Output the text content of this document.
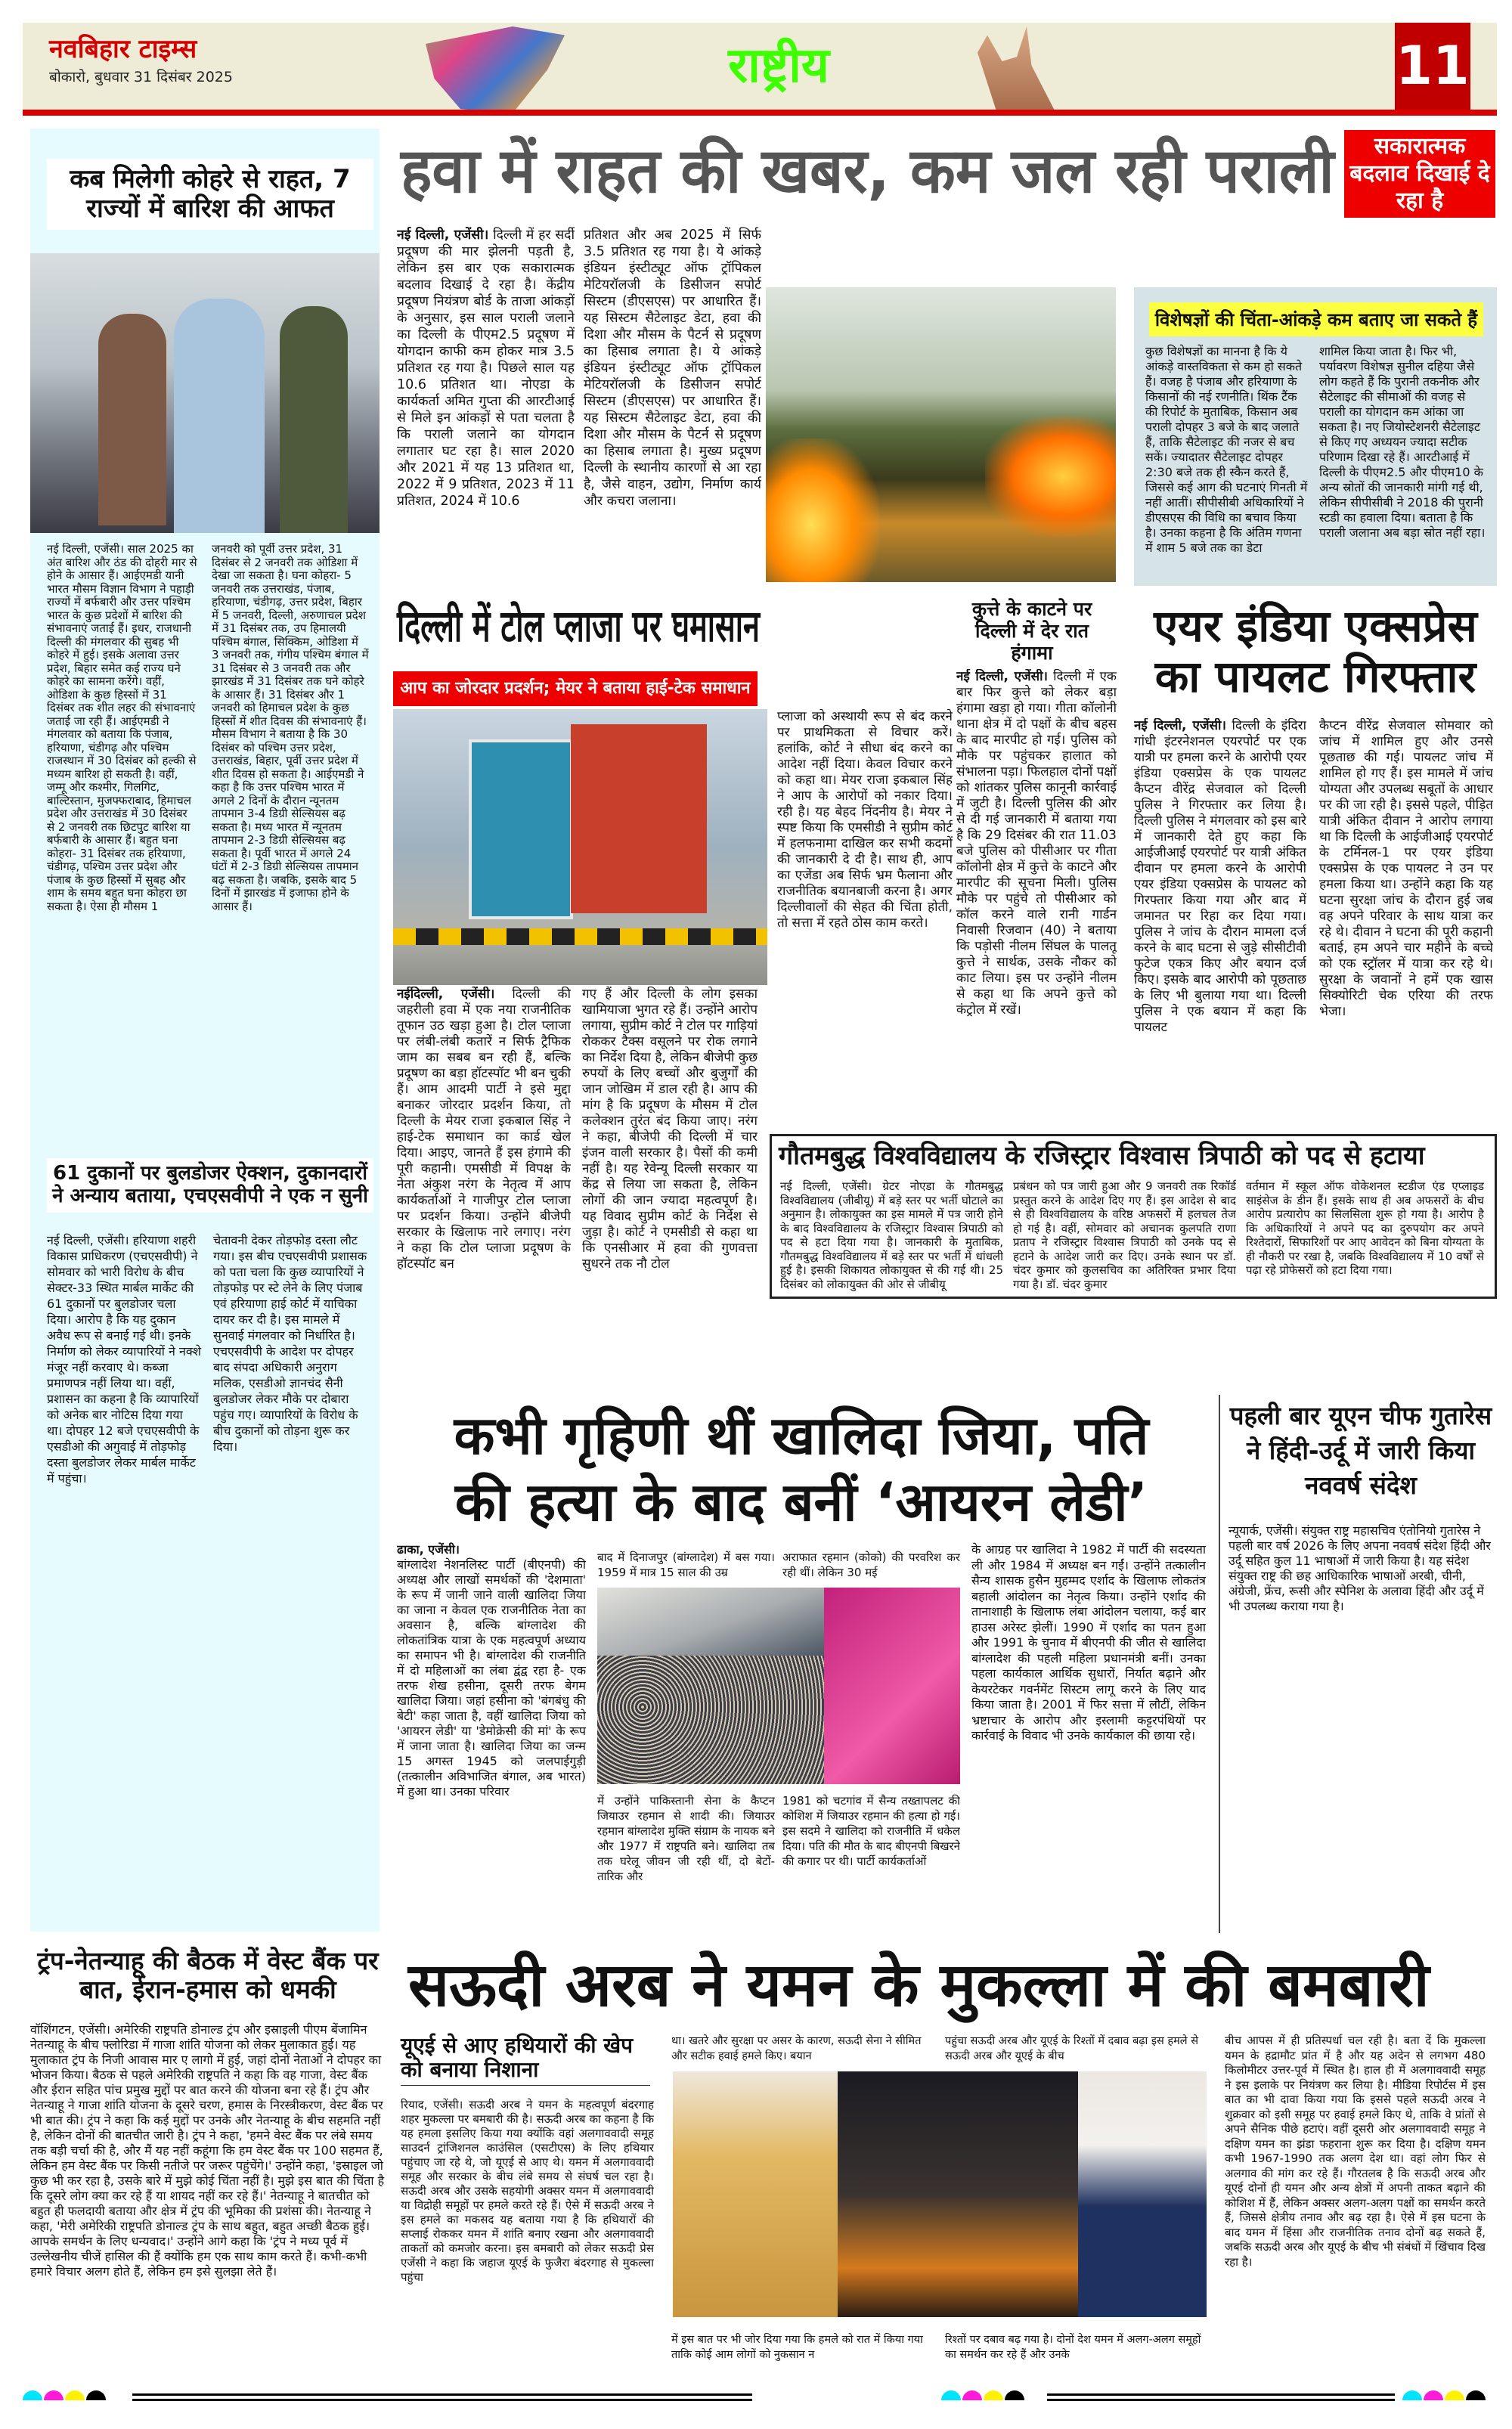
नवबिहार टाइम्स
बोकारो, बुधवार 31 दिसंबर 2025	राष्ट्रीय	11
कब मिलेगी कोहरे से राहत, 7 राज्यों में बारिश की आफत
नई दिल्ली, एजेंसी। साल 2025 का अंत बारिश और ठंड की दोहरी मार से होने के आसार हैं। आईएमडी यानी भारत मौसम विज्ञान विभाग ने पहाड़ी राज्यों में बर्फबारी और उत्तर पश्चिम भारत के कुछ प्रदेशों में बारिश की संभावनाएं जताई हैं। इधर, राजधानी दिल्ली की मंगलवार की सुबह भी कोहरे में हुई। इसके अलावा उत्तर प्रदेश, बिहार समेत कई राज्य घने कोहरे का सामना करेंगे। वहीं, ओडिशा के कुछ हिस्सों में 31 दिसंबर तक शीत लहर की संभावनाएं जताई जा रही हैं। आईएमडी ने मंगलवार को बताया कि पंजाब, हरियाणा, चंडीगढ़ और पश्चिम राजस्थान में 30 दिसंबर को हल्की से मध्यम बारिश हो सकती है। वहीं, जम्मू और कश्मीर, गिलगिट, बाल्टिस्तान, मुजफ्फराबाद, हिमाचल प्रदेश और उत्तराखंड में 30 दिसंबर से 2 जनवरी तक छिटपुट बारिश या बर्फबारी के आसार हैं। बहुत घना कोहरा- 31 दिसंबर तक हरियाणा, चंडीगढ़, पश्चिम उत्तर प्रदेश और पंजाब के कुछ हिस्सों में सुबह और शाम के समय बहुत घना कोहरा छा सकता है। ऐसा ही मौसम 1
जनवरी को पूर्वी उत्तर प्रदेश, 31 दिसंबर से 2 जनवरी तक ओडिशा में देखा जा सकता है। घना कोहरा- 5 जनवरी तक उत्तराखंड, पंजाब, हरियाणा, चंडीगढ़, उत्तर प्रदेश, बिहार में 5 जनवरी, दिल्ली, अरुणाचल प्रदेश में 31 दिसंबर तक, उप हिमालयी पश्चिम बंगाल, सिक्किम, ओडिशा में 3 जनवरी तक, गंगीय पश्चिम बंगाल में 31 दिसंबर से 3 जनवरी तक और झारखंड में 31 दिसंबर तक घने कोहरे के आसार हैं। 31 दिसंबर और 1 जनवरी को हिमाचल प्रदेश के कुछ हिस्सों में शीत दिवस की संभावनाएं हैं। मौसम विभाग ने बताया है कि 30 दिसंबर को पश्चिम उत्तर प्रदेश, उत्तराखंड, बिहार, पूर्वी उत्तर प्रदेश में शीत दिवस हो सकता है। आईएमडी ने कहा है कि उत्तर पश्चिम भारत में अगले 2 दिनों के दौरान न्यूनतम तापमान 3-4 डिग्री सेल्सियस बढ़ सकता है। मध्य भारत में न्यूनतम तापमान 2-3 डिग्री सेल्सियस बढ़ सकता है। पूर्वी भारत में अगले 24 घंटों में 2-3 डिग्री सेल्सियस तापमान बढ़ सकता है। जबकि, इसके बाद 5 दिनों में झारखंड में इजाफा होने के आसार हैं।
61 दुकानों पर बुलडोजर ऐक्शन, दुकानदारों ने अन्याय बताया, एचएसवीपी ने एक न सुनी
नई दिल्ली, एजेंसी। हरियाणा शहरी विकास प्राधिकरण (एचएसवीपी) ने सोमवार को भारी विरोध के बीच सेक्टर-33 स्थित मार्बल मार्केट की 61 दुकानों पर बुलडोजर चला दिया। आरोप है कि यह दुकान अवैध रूप से बनाई गई थी। इनके निर्माण को लेकर व्यापारियों ने नक्शे मंजूर नहीं करवाए थे। कब्जा प्रमाणपत्र नहीं लिया था। वहीं, प्रशासन का कहना है कि व्यापारियों को अनेक बार नोटिस दिया गया था। दोपहर 12 बजे एचएसवीपी के एसडीओ की अगुवाई में तोड़फोड़ दस्ता बुलडोजर लेकर मार्बल मार्केट में पहुंचा।
चेतावनी देकर तोड़फोड़ दस्ता लौट गया। इस बीच एचएसवीपी प्रशासक को पता चला कि कुछ व्यापारियों ने तोड़फोड़ पर स्टे लेने के लिए पंजाब एवं हरियाणा हाई कोर्ट में याचिका दायर कर दी है। इस मामले में सुनवाई मंगलवार को निर्धारित है। एचएसवीपी के आदेश पर दोपहर बाद संपदा अधिकारी अनुराग मलिक, एसडीओ ज्ञानचंद सैनी बुलडोजर लेकर मौके पर दोबारा पहुंच गए। व्यापारियों के विरोध के बीच दुकानों को तोड़ना शुरू कर दिया।
हवा में राहत की खबर, कम जल रही पराली	सकारात्मक बदलाव दिखाई दे रहा है
नई दिल्ली, एजेंसी। दिल्ली में हर सर्दी प्रदूषण की मार झेलनी पड़ती है, लेकिन इस बार एक सकारात्मक बदलाव दिखाई दे रहा है। केंद्रीय प्रदूषण नियंत्रण बोर्ड के ताजा आंकड़ों के अनुसार, इस साल पराली जलाने का दिल्ली के पीएम2.5 प्रदूषण में योगदान काफी कम होकर मात्र 3.5 प्रतिशत रह गया है। पिछले साल यह 10.6 प्रतिशत था। नोएडा के कार्यकर्ता अमित गुप्ता की आरटीआई से मिले इन आंकड़ों से पता चलता है कि पराली जलाने का योगदान लगातार घट रहा है। साल 2020 और 2021 में यह 13 प्रतिशत था, 2022 में 9 प्रतिशत, 2023 में 11 प्रतिशत, 2024 में 10.6
प्रतिशत और अब 2025 में सिर्फ 3.5 प्रतिशत रह गया है। ये आंकड़े इंडियन इंस्टीट्यूट ऑफ ट्रॉपिकल मेटियरॉलजी के डिसीजन सपोर्ट सिस्टम (डीएसएस) पर आधारित हैं। यह सिस्टम सैटेलाइट डेटा, हवा की दिशा और मौसम के पैटर्न से प्रदूषण का हिसाब लगाता है। ये आंकड़े इंडियन इंस्टीट्यूट ऑफ ट्रॉपिकल मेटियरॉलजी के डिसीजन सपोर्ट सिस्टम (डीएसएस) पर आधारित हैं। यह सिस्टम सैटेलाइट डेटा, हवा की दिशा और मौसम के पैटर्न से प्रदूषण का हिसाब लगाता है। मुख्य प्रदूषण दिल्ली के स्थानीय कारणों से आ रहा है, जैसे वाहन, उद्योग, निर्माण कार्य और कचरा जलाना।
विशेषज्ञों की चिंता-आंकड़े कम बताए जा सकते हैं
कुछ विशेषज्ञों का मानना है कि ये आंकड़े वास्तविकता से कम हो सकते हैं। वजह है पंजाब और हरियाणा के किसानों की नई रणनीति। थिंक टैंक की रिपोर्ट के मुताबिक, किसान अब पराली दोपहर 3 बजे के बाद जलाते हैं, ताकि सैटेलाइट की नजर से बच सकें। ज्यादातर सैटेलाइट दोपहर 2:30 बजे तक ही स्कैन करते हैं, जिससे कई आग की घटनाएं गिनती में नहीं आतीं। सीपीसीबी अधिकारियों ने डीएसएस की विधि का बचाव किया है। उनका कहना है कि अंतिम गणना में शाम 5 बजे तक का डेटा
शामिल किया जाता है। फिर भी, पर्यावरण विशेषज्ञ सुनील दहिया जैसे लोग कहते हैं कि पुरानी तकनीक और सैटेलाइट की सीमाओं की वजह से पराली का योगदान कम आंका जा सकता है। नए जियोस्टेशनरी सैटेलाइट से किए गए अध्ययन ज्यादा सटीक परिणाम दिखा रहे हैं। आरटीआई में दिल्ली के पीएम2.5 और पीएम10 के अन्य स्रोतों की जानकारी मांगी गई थी, लेकिन सीपीसीबी ने 2018 की पुरानी स्टडी का हवाला दिया। बताता है कि पराली जलाना अब बड़ा स्रोत नहीं रहा।
दिल्ली में टोल प्लाजा पर घमासान
आप का जोरदार प्रदर्शन; मेयर ने बताया हाई-टेक समाधान
नईदिल्ली, एजेंसी। दिल्ली की जहरीली हवा में एक नया राजनीतिक तूफान उठ खड़ा हुआ है। टोल प्लाजा पर लंबी-लंबी कतारें न सिर्फ ट्रैफिक जाम का सबब बन रही हैं, बल्कि प्रदूषण का बड़ा हॉटस्पॉट भी बन चुकी हैं। आम आदमी पार्टी ने इसे मुद्दा बनाकर जोरदार प्रदर्शन किया, तो दिल्ली के मेयर राजा इकबाल सिंह ने हाई-टेक समाधान का कार्ड खेल दिया। आइए, जानते हैं इस हंगामे की पूरी कहानी। एमसीडी में विपक्ष के नेता अंकुश नरंग के नेतृत्व में आप कार्यकर्ताओं ने गाजीपुर टोल प्लाजा पर प्रदर्शन किया। उन्होंने बीजेपी सरकार के खिलाफ नारे लगाए। नरंग ने कहा कि टोल प्लाजा प्रदूषण के हॉटस्पॉट बन
गए हैं और दिल्ली के लोग इसका खामियाजा भुगत रहे हैं। उन्होंने आरोप लगाया, सुप्रीम कोर्ट ने टोल पर गाड़ियां रोककर टैक्स वसूलने पर रोक लगाने का निर्देश दिया है, लेकिन बीजेपी कुछ रुपयों के लिए बच्चों और बुजुर्गों की जान जोखिम में डाल रही है। आप की मांग है कि प्रदूषण के मौसम में टोल कलेक्शन तुरंत बंद किया जाए। नरंग ने कहा, बीजेपी की दिल्ली में चार इंजन वाली सरकार है। पैसों की कमी नहीं है। यह रेवेन्यू दिल्ली सरकार या केंद्र से लिया जा सकता है, लेकिन लोगों की जान ज्यादा महत्वपूर्ण है। यह विवाद सुप्रीम कोर्ट के निर्देश से जुड़ा है। कोर्ट ने एमसीडी से कहा था कि एनसीआर में हवा की गुणवत्ता सुधरने तक नौ टोल
प्लाजा को अस्थायी रूप से बंद करने पर प्राथमिकता से विचार करें। हलांकि, कोर्ट ने सीधा बंद करने का आदेश नहीं दिया। केवल विचार करने को कहा था। मेयर राजा इकबाल सिंह ने आप के आरोपों को नकार दिया। रही है। यह बेहद निंदनीय है। मेयर ने स्पष्ट किया कि एमसीडी ने सुप्रीम कोर्ट में हलफनामा दाखिल कर सभी कदमों की जानकारी दे दी है। साथ ही, आप का एजेंडा अब सिर्फ भ्रम फैलाना और राजनीतिक बयानबाजी करना है। अगर दिल्लीवालों की सेहत की चिंता होती, तो सत्ता में रहते ठोस काम करते।
कुत्ते के काटने पर दिल्ली में देर रात हंगामा
नई दिल्ली, एजेंसी। दिल्ली में एक बार फिर कुत्ते को लेकर बड़ा हंगामा खड़ा हो गया। गीता कॉलोनी थाना क्षेत्र में दो पक्षों के बीच बहस के बाद मारपीट हो गई। पुलिस को मौके पर पहुंचकर हालात को संभालना पड़ा। फिलहाल दोनों पक्षों को शांतकर पुलिस कानूनी कार्रवाई में जुटी है। दिल्ली पुलिस की ओर से दी गई जानकारी में बताया गया है कि 29 दिसंबर की रात 11.03 बजे पुलिस को पीसीआर पर गीता कॉलोनी क्षेत्र में कुत्ते के काटने और मारपीट की सूचना मिली। पुलिस मौके पर पहुंचे तो पीसीआर को कॉल करने वाले रानी गार्डन निवासी रिजवान (40) ने बताया कि पड़ोसी नीलम सिंघल के पालतू कुत्ते ने सार्थक, उसके नौकर को काट लिया। इस पर उन्होंने नीलम से कहा था कि अपने कुत्ते को कंट्रोल में रखें।
एयर इंडिया एक्सप्रेस का पायलट गिरफ्तार
नई दिल्ली, एजेंसी। दिल्ली के इंदिरा गांधी इंटरनेशनल एयरपोर्ट पर एक यात्री पर हमला करने के आरोपी एयर इंडिया एक्सप्रेस के एक पायलट कैप्टन वीरेंद्र सेजवाल को दिल्ली पुलिस ने गिरफ्तार कर लिया है। दिल्ली पुलिस ने मंगलवार को इस बारे में जानकारी देते हुए कहा कि आईजीआई एयरपोर्ट पर यात्री अंकित दीवान पर हमला करने के आरोपी एयर इंडिया एक्सप्रेस के पायलट को गिरफ्तार किया गया और बाद में जमानत पर रिहा कर दिया गया। पुलिस ने जांच के दौरान मामला दर्ज करने के बाद घटना से जुड़े सीसीटीवी फुटेज एकत्र किए और बयान दर्ज किए। इसके बाद आरोपी को पूछताछ के लिए भी बुलाया गया था। दिल्ली पुलिस ने एक बयान में कहा कि पायलट
कैप्टन वीरेंद्र सेजवाल सोमवार को जांच में शामिल हुए और उनसे पूछताछ की गई। पायलट जांच में शामिल हो गए हैं। इस मामले में जांच योग्यता और उपलब्ध सबूतों के आधार पर की जा रही है। इससे पहले, पीड़ित यात्री अंकित दीवान ने आरोप लगाया था कि दिल्ली के आईजीआई एयरपोर्ट के टर्मिनल-1 पर एयर इंडिया एक्सप्रेस के एक पायलट ने उन पर हमला किया था। उन्होंने कहा कि यह घटना सुरक्षा जांच के दौरान हुई जब वह अपने परिवार के साथ यात्रा कर रहे थे। दीवान ने घटना की पूरी कहानी बताई, हम अपने चार महीने के बच्चे को एक स्ट्रॉलर में यात्रा कर रहे थे। सुरक्षा के जवानों ने हमें एक खास सिक्योरिटी चेक एरिया की तरफ भेजा।
गौतमबुद्ध विश्वविद्यालय के रजिस्ट्रार विश्वास त्रिपाठी को पद से हटाया
नई दिल्ली, एजेंसी। ग्रेटर नोएडा के गौतमबुद्ध विश्वविद्यालय (जीबीयू) में बड़े स्तर पर भर्ती घोटाले का अनुमान है। लोकायुक्त का इस मामले में पत्र जारी होने के बाद विश्वविद्यालय के रजिस्ट्रार विश्वास त्रिपाठी को पद से हटा दिया गया है। जानकारी के मुताबिक, गौतमबुद्ध विश्वविद्यालय में बड़े स्तर पर भर्ती में धांधली हुई है। इसकी शिकायत लोकायुक्त से की गई थी। 25 दिसंबर को लोकायुक्त की ओर से जीबीयू
प्रबंधन को पत्र जारी हुआ और 9 जनवरी तक रिकॉर्ड प्रस्तुत करने के आदेश दिए गए हैं। इस आदेश से बाद से ही विश्वविद्यालय के वरिष्ठ अफसरों में हलचल तेज हो गई है। वहीं, सोमवार को अचानक कुलपति राणा प्रताप ने रजिस्ट्रार विश्वास त्रिपाठी को उनके पद से हटाने के आदेश जारी कर दिए। उनके स्थान पर डॉ. चंदर कुमार को कुलसचिव का अतिरिक्त प्रभार दिया गया है। डॉ. चंदर कुमार
वर्तमान में स्कूल ऑफ वोकेशनल स्टडीज एंड एप्लाइड साइंसेज के डीन हैं। इसके साथ ही अब अफसरों के बीच आरोप प्रत्यारोप का सिलसिला शुरू हो गया है। आरोप है कि अधिकारियों ने अपने पद का दुरुपयोग कर अपने रिश्तेदारों, सिफारिशों पर आए आवेदन को बिना योग्यता के ही नौकरी पर रखा है, जबकि विश्वविद्यालय में 10 वर्षों से पढ़ा रहे प्रोफेसरों को हटा दिया गया।
कभी गृहिणी थीं खालिदा जिया, पति
की हत्या के बाद बनीं ‘आयरन लेडी’
ढाका, एजेंसी।
बांग्लादेश नेशनलिस्ट पार्टी (बीएनपी) की अध्यक्ष और लाखों समर्थकों की 'देशमाता' के रूप में जानी जाने वाली खालिदा जिया का जाना न केवल एक राजनीतिक नेता का अवसान है, बल्कि बांग्लादेश की लोकतांत्रिक यात्रा के एक महत्वपूर्ण अध्याय का समापन भी है। बांग्लादेश की राजनीति में दो महिलाओं का लंबा द्वंद्व रहा है- एक तरफ शेख हसीना, दूसरी तरफ बेगम खालिदा जिया। जहां हसीना को 'बंगबंधु की बेटी' कहा जाता है, वहीं खालिदा जिया को 'आयरन लेडी' या 'डेमोक्रेसी की मां' के रूप में जाना जाता है। खालिदा जिया का जन्म 15 अगस्त 1945 को जलपाईगुड़ी (तत्कालीन अविभाजित बंगाल, अब भारत) में हुआ था। उनका परिवार
बाद में दिनाजपुर (बांग्लादेश) में बस गया। 1959 में मात्र 15 साल की उम्र
अराफात रहमान (कोको) की परवरिश कर रही थीं। लेकिन 30 मई
में उन्होंने पाकिस्तानी सेना के कैप्टन जियाउर रहमान से शादी की। जियाउर रहमान बांग्लादेश मुक्ति संग्राम के नायक बने और 1977 में राष्ट्रपति बने। खालिदा तब तक घरेलू जीवन जी रही थीं, दो बेटों- तारिक और
1981 को चटगांव में सैन्य तख्तापलट की कोशिश में जियाउर रहमान की हत्या हो गई। इस सदमे ने खालिदा को राजनीति में धकेल दिया। पति की मौत के बाद बीएनपी बिखरने की कगार पर थी। पार्टी कार्यकर्ताओं
के आग्रह पर खालिदा ने 1982 में पार्टी की सदस्यता ली और 1984 में अध्यक्ष बन गईं। उन्होंने तत्कालीन सैन्य शासक हुसैन मुहम्मद एर्शाद के खिलाफ लोकतंत्र बहाली आंदोलन का नेतृत्व किया। उन्होंने एर्शाद की तानाशाही के खिलाफ लंबा आंदोलन चलाया, कई बार हाउस अरेस्ट झेलीं। 1990 में एर्शाद का पतन हुआ और 1991 के चुनाव में बीएनपी की जीत से खालिदा बांग्लादेश की पहली महिला प्रधानमंत्री बनीं। उनका पहला कार्यकाल आर्थिक सुधारों, निर्यात बढ़ाने और केयरटेकर गवर्नमेंट सिस्टम लागू करने के लिए याद किया जाता है। 2001 में फिर सत्ता में लौटीं, लेकिन भ्रष्टाचार के आरोप और इस्लामी कट्टरपंथियों पर कार्रवाई के विवाद भी उनके कार्यकाल की छाया रहे।
पहली बार यूएन चीफ गुतारेस ने हिंदी-उर्दू में जारी किया नववर्ष संदेश
न्यूयार्क, एजेंसी। संयुक्त राष्ट्र महासचिव एंतोनियो गुतारेस ने पहली बार वर्ष 2026 के लिए अपना नववर्ष संदेश हिंदी और उर्दू सहित कुल 11 भाषाओं में जारी किया है। यह संदेश संयुक्त राष्ट्र की छह आधिकारिक भाषाओं अरबी, चीनी, अंग्रेजी, फ्रेंच, रूसी और स्पेनिश के अलावा हिंदी और उर्दू में भी उपलब्ध कराया गया है।
ट्रंप-नेतन्याहू की बैठक में वेस्ट बैंक पर बात, ईरान-हमास को धमकी
वॉशिंगटन, एजेंसी। अमेरिकी राष्ट्रपति डोनाल्ड ट्रंप और इस्राइली पीएम बेंजामिन नेतन्याहू के बीच फ्लोरिडा में गाजा शांति योजना को लेकर मुलाकात हुई। यह मुलाकात ट्रंप के निजी आवास मार ए लागो में हुई, जहां दोनों नेताओं ने दोपहर का भोजन किया। बैठक से पहले अमेरिकी राष्ट्रपति ने कहा कि वह गाजा, वेस्ट बैंक और ईरान सहित पांच प्रमुख मुद्दों पर बात करने की योजना बना रहे हैं। ट्रंप और नेतन्याहू ने गाजा शांति योजना के दूसरे चरण, हमास के निरस्त्रीकरण, वेस्ट बैंक पर भी बात की। ट्रंप ने कहा कि कई मुद्दों पर उनके और नेतन्याहू के बीच सहमति नहीं है, लेकिन दोनों की बातचीत जारी है। ट्रंप ने कहा, 'हमने वेस्ट बैंक पर लंबे समय तक बड़ी चर्चा की है, और मैं यह नहीं कहूंगा कि हम वेस्ट बैंक पर 100 सहमत हैं, लेकिन हम वेस्ट बैंक पर किसी नतीजे पर जरूर पहुंचेंगे।' उन्होंने कहा, 'इस्राइल जो कुछ भी कर रहा है, उसके बारे में मुझे कोई चिंता नहीं है। मुझे इस बात की चिंता है कि दूसरे लोग क्या कर रहे हैं या शायद नहीं कर रहे हैं।' नेतन्याहू ने बातचीत को बहुत ही फलदायी बताया और क्षेत्र में ट्रंप की भूमिका की प्रशंसा की। नेतन्याहू ने कहा, 'मेरी अमेरिकी राष्ट्रपति डोनाल्ड ट्रंप के साथ बहुत, बहुत अच्छी बैठक हुई। आपके समर्थन के लिए धन्यवाद।' उन्होंने आगे कहा कि 'ट्रंप ने मध्य पूर्व में उल्लेखनीय चीजें हासिल की हैं क्योंकि हम एक साथ काम करते हैं। कभी-कभी हमारे विचार अलग होते हैं, लेकिन हम इसे सुलझा लेते हैं।
सऊदी अरब ने यमन के मुकल्ला में की बमबारी
यूएई से आए हथियारों की खेप को बनाया निशाना
रियाद, एजेंसी। सऊदी अरब ने यमन के महत्वपूर्ण बंदरगाह शहर मुकल्ला पर बमबारी की है। सऊदी अरब का कहना है कि यह हमला इसलिए किया गया क्योंकि वहां अलगाववादी समूह साउदर्न ट्रांजिशनल काउंसिल (एसटीएस) के लिए हथियार पहुंचाए जा रहे थे, जो यूएई से आए थे। यमन में अलगाववादी समूह और सरकार के बीच लंबे समय से संघर्ष चल रहा है। सऊदी अरब और उसके सहयोगी अक्सर यमन में अलगाववादी या विद्रोही समूहों पर हमले करते रहे हैं। ऐसे में सऊदी अरब ने इस हमले का मकसद यह बताया गया है कि हथियारों की सप्लाई रोककर यमन में शांति बनाए रखना और अलगाववादी ताकतों को कमजोर करना। इस बमबारी को लेकर सऊदी प्रेस एजेंसी ने कहा कि जहाज यूएई के फुजैरा बंदरगाह से मुकल्ला पहुंचा
था। खतरे और सुरक्षा पर असर के कारण, सऊदी सेना ने सीमित और सटीक हवाई हमले किए। बयान
पहुंचा सऊदी अरब और यूएई के रिश्तों में दबाव बढ़ा इस हमले से सऊदी अरब और यूएई के बीच
में इस बात पर भी जोर दिया गया कि हमले को रात में किया गया ताकि कोई आम लोगों को नुकसान न
रिश्तों पर दबाव बढ़ गया है। दोनों देश यमन में अलग-अलग समूहों का समर्थन कर रहे हैं और उनके
बीच आपस में ही प्रतिस्पर्धा चल रही है। बता दें कि मुकल्ला यमन के हद्रामौट प्रांत में है और यह अदेन से लगभग 480 किलोमीटर उत्तर-पूर्व में स्थित है। हाल ही में अलगाववादी समूह ने इस इलाके पर नियंत्रण कर लिया है। मीडिया रिपोर्टस में इस बात का भी दावा किया गया कि इससे पहले सऊदी अरब ने शुक्रवार को इसी समूह पर हवाई हमले किए थे, ताकि वे प्रांतों से अपने सैनिक पीछे हटाएं। वहीं दूसरी ओर अलगाववादी समूह ने दक्षिण यमन का झंडा फहराना शुरू कर दिया है। दक्षिण यमन कभी 1967-1990 तक अलग देश था। वहां लोग फिर से अलगाव की मांग कर रहे हैं। गौरतलब है कि सऊदी अरब और यूएई दोनों ही यमन और अन्य क्षेत्रों में अपनी ताकत बढ़ाने की कोशिश में हैं, लेकिन अक्सर अलग-अलग पक्षों का समर्थन करते हैं, जिससे क्षेत्रीय तनाव और बढ़ रहा है। ऐसे में इस घटना के बाद यमन में हिंसा और राजनीतिक तनाव दोनों बढ़ सकते हैं, जबकि सऊदी अरब और यूएई के बीच भी संबंधों में खिंचाव दिख रहा है।
